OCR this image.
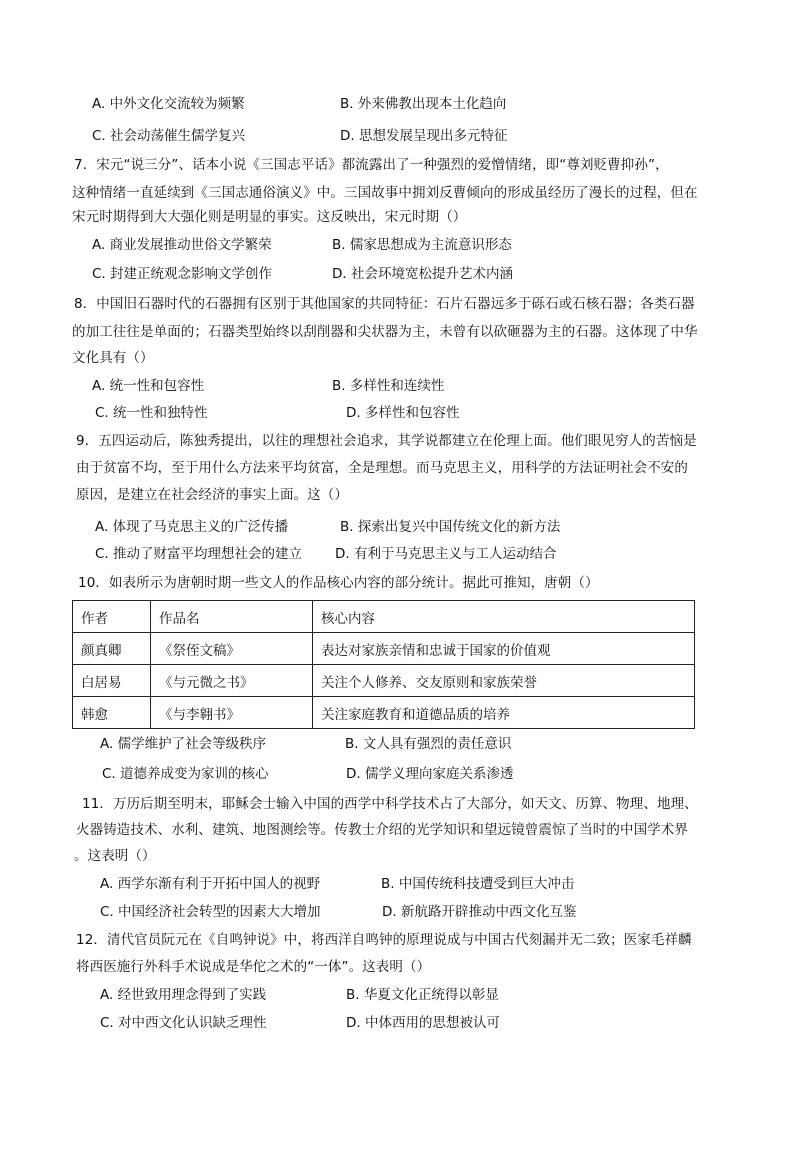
A. 中外文化交流较为频繁	B. 外来佛教出现本土化趋向
C. 社会动荡催生儒学复兴	D. 思想发展呈现出多元特征
7．宋元“说三分”、话本小说《三国志平话》都流露出了一种强烈的爱憎情绪，即“尊刘贬曹抑孙”，
这种情绪一直延续到《三国志通俗演义》中。三国故事中拥刘反曹倾向的形成虽经历了漫长的过程，但在
宋元时期得到大大强化则是明显的事实。这反映出，宋元时期（）
A. 商业发展推动世俗文学繁荣	B. 儒家思想成为主流意识形态
C. 封建正统观念影响文学创作	D. 社会环境宽松提升艺术内涵
8．中国旧石器时代的石器拥有区别于其他国家的共同特征：石片石器远多于砾石或石核石器；各类石器
的加工往往是单面的；石器类型始终以刮削器和尖状器为主，未曾有以砍砸器为主的石器。这体现了中华
文化具有（）
A. 统一性和包容性	B. 多样性和连续性
C. 统一性和独特性	D. 多样性和包容性
9．五四运动后，陈独秀提出，以往的理想社会追求，其学说都建立在伦理上面。他们眼见穷人的苦恼是
由于贫富不均，至于用什么方法来平均贫富，全是理想。而马克思主义，用科学的方法证明社会不安的
原因，是建立在社会经济的事实上面。这（）
A. 体现了马克思主义的广泛传播	B. 探索出复兴中国传统文化的新方法
C. 推动了财富平均理想社会的建立 D. 有利于马克思主义与工人运动结合
10．如表所示为唐朝时期一些文人的作品核心内容的部分统计。据此可推知，唐朝（）
作者	作品名	核心内容
颜真卿	《祭侄文稿》	表达对家族亲情和忠诚于国家的价值观
白居易	《与元微之书》	关注个人修养、交友原则和家族荣誉
韩愈	《与李翱书》	关注家庭教育和道德品质的培养
A. 儒学维护了社会等级秩序	B. 文人具有强烈的责任意识
C. 道德养成变为家训的核心	D. 儒学义理向家庭关系渗透
11．万历后期至明末，耶稣会士输入中国的西学中科学技术占了大部分，如天文、历算、物理、地理、
火器铸造技术、水利、建筑、地图测绘等。传教士介绍的光学知识和望远镜曾震惊了当时的中国学术界
。这表明（）
A. 西学东渐有利于开拓中国人的视野	B. 中国传统科技遭受到巨大冲击
C. 中国经济社会转型的因素大大增加	D. 新航路开辟推动中西文化互鉴
12．清代官员阮元在《自鸣钟说》中，将西洋自鸣钟的原理说成与中国古代刻漏并无二致；医家毛祥麟
将西医施行外科手术说成是华佗之术的“一体”。这表明（）
A. 经世致用理念得到了实践	B. 华夏文化正统得以彰显
C. 对中西文化认识缺乏理性	D. 中体西用的思想被认可
